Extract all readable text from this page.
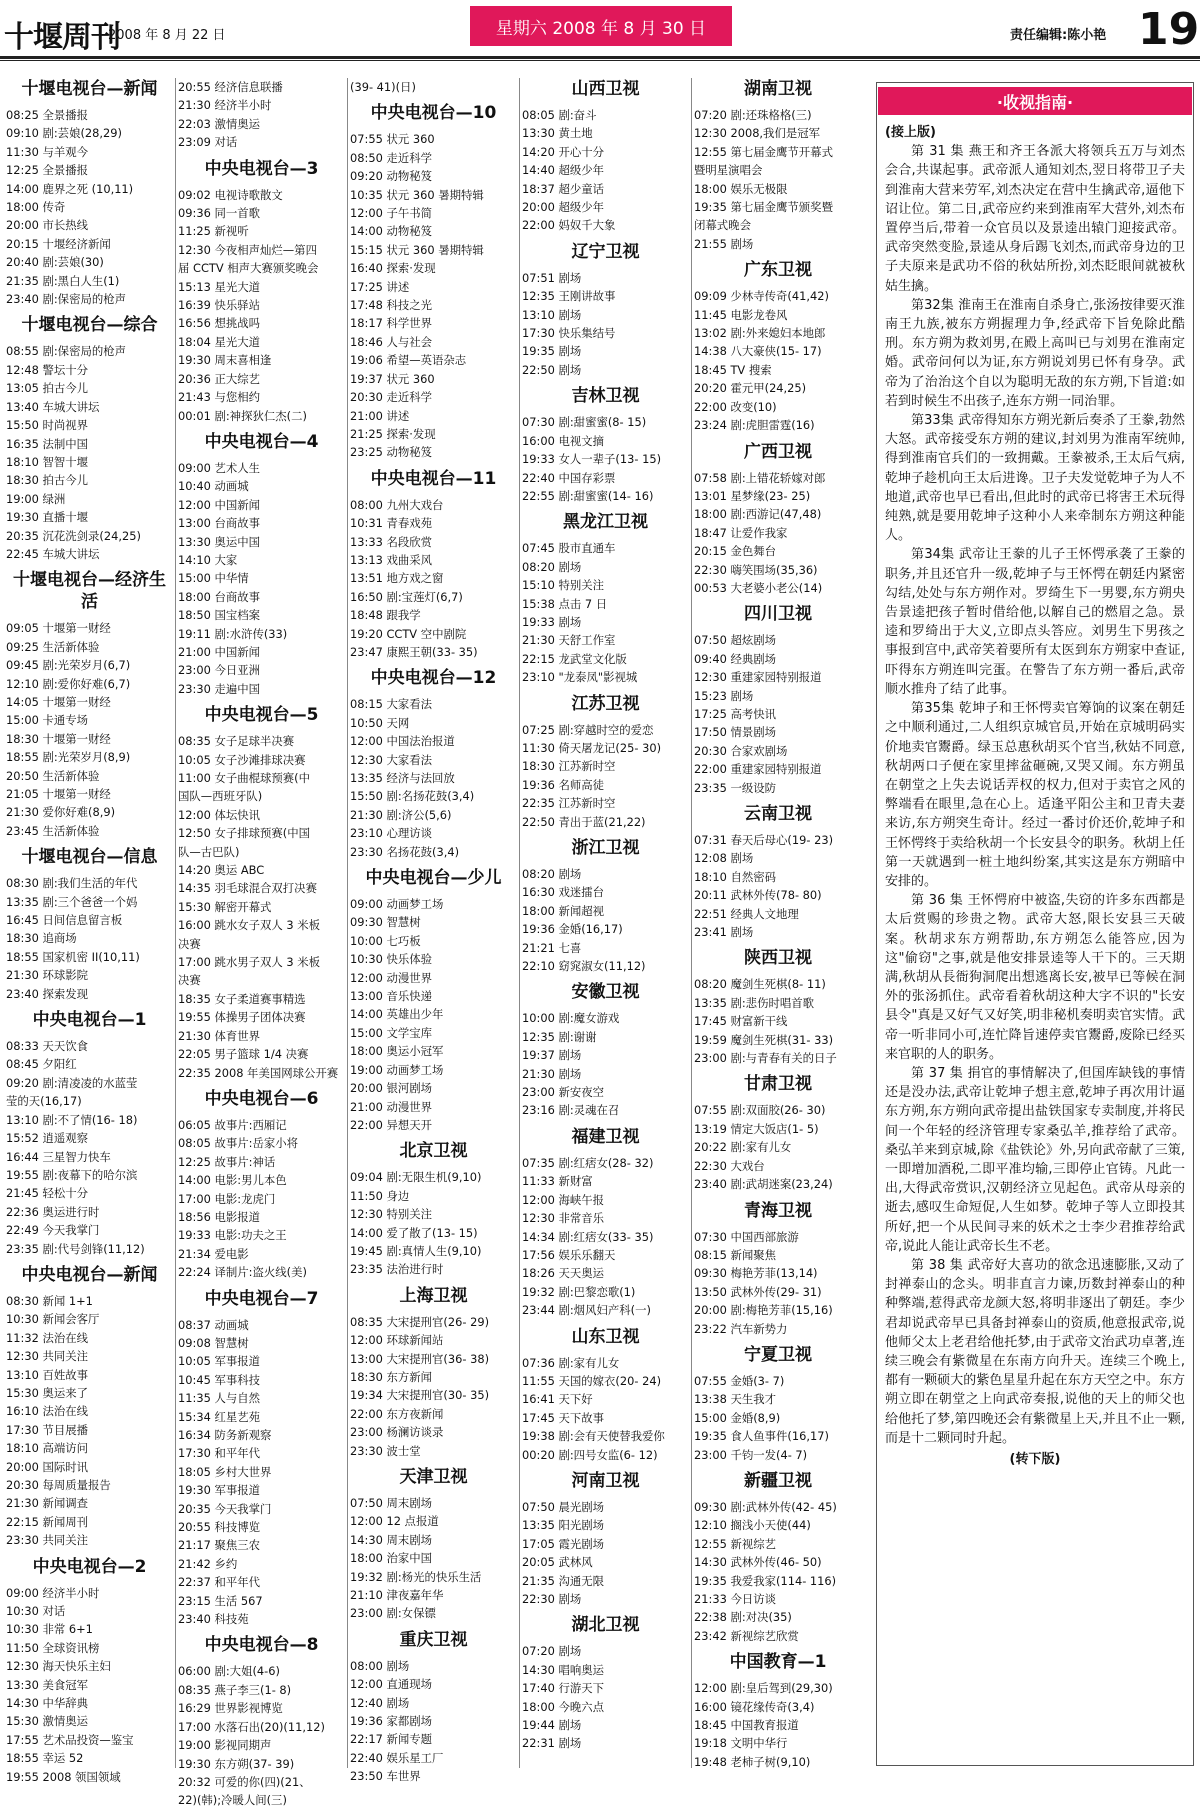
十堰周刊
2008 年 8 月 22 日	星期六 2008 年 8 月 30 日	责任编辑:陈小艳 19
十堰电视台—新闻
08:25 全景播报
09:10 剧:芸娘(28,29)
11:30 与羊观今
12:25 全景播报
14:00 鹿界之死 (10,11)
18:00 传奇
20:00 市长热线
20:15 十堰经济新闻
20:40 剧:芸娘(30)
21:35 剧:黑白人生(1)
23:40 剧:保密局的枪声
十堰电视台—综合
08:55 剧:保密局的枪声
12:48 警坛十分
13:05 拍古今儿
13:40 车城大讲坛
15:50 时尚视界
16:35 法制中国
18:10 智智十堰
18:30 拍古今儿
19:00 绿洲
19:30 直播十堰
20:35 沉花洗剑录(24,25)
22:45 车城大讲坛
十堰电视台—经济生活
09:05 十堰第一财经
09:25 生活新体验
09:45 剧:光荣岁月(6,7)
12:10 剧:爱你好难(6,7)
14:05 十堰第一财经
15:00 卡通专场
18:30 十堰第一财经
18:55 剧:光荣岁月(8,9)
20:50 生活新体验
21:05 十堰第一财经
21:30 爱你好难(8,9)
23:45 生活新体验
十堰电视台—信息
08:30 剧:我们生活的年代
13:35 剧:三个爸爸一个妈
16:45 日间信息留言板
18:30 追商场
18:55 国家机密 II(10,11)
21:30 环球影院
23:40 探索发现
中央电视台—1
08:33 天天饮食
08:45 夕阳红
09:20 剧:清凌凌的水蓝莹
莹的天(16,17)
13:10 剧:不了情(16- 18)
15:52 逍遥观察
16:44 三星智力快车
19:55 剧:夜幕下的哈尔滨
21:45 轻松十分
22:36 奥运进行时
22:49 今天我掌门
23:35 剧:代号剑锋(11,12)
中央电视台—新闻
08:30 新闻 1+1
10:30 新闻会客厅
11:32 法治在线
12:30 共同关注
13:10 百姓故事
15:30 奥运来了
16:10 法治在线
17:30 节目展播
18:10 高端访问
20:00 国际时讯
20:30 每周质量报告
21:30 新闻调查
22:15 新闻周刊
23:30 共同关注
中央电视台—2
09:00 经济半小时
10:30 对话
10:30 非常 6+1
11:50 全球资讯榜
12:30 海天快乐主妇
13:30 美食冠军
14:30 中华辞典
15:30 激情奥运
17:55 艺术品投资—鉴宝
18:55 幸运 52
19:55 2008 领国领域
20:55 经济信息联播
21:30 经济半小时
22:03 激情奥运
23:09 对话
中央电视台—3
09:02 电视诗歌散文
09:36 同一首歌
11:25 新视听
12:30 今夜相声灿烂—第四
届 CCTV 相声大赛颁奖晚会
15:13 星光大道
16:39 快乐驿站
16:56 想挑战吗
18:04 星光大道
19:30 周末喜相逢
20:36 正大综艺
21:43 与您相约
00:01 剧:神探狄仁杰(二)
中央电视台—4
09:00 艺术人生
10:40 动画城
12:00 中国新闻
13:00 台商故事
13:30 奥运中国
14:10 大家
15:00 中华情
18:00 台商故事
18:50 国宝档案
19:11 剧:水浒传(33)
21:00 中国新闻
23:00 今日亚洲
23:30 走遍中国
中央电视台—5
08:35 女子足球半决赛
10:05 女子沙滩排球决赛
11:00 女子曲棍球预赛(中
国队—西班牙队)
12:00 体坛快讯
12:50 女子排球预赛(中国
队—古巴队)
14:20 奥运 ABC
14:35 羽毛球混合双打决赛
15:30 解密开幕式
16:00 跳水女子双人 3 米板
决赛
17:00 跳水男子双人 3 米板
决赛
18:35 女子柔道赛事精选
19:55 体操男子团体决赛
21:30 体育世界
22:05 男子篮球 1/4 决赛
22:35 2008 年美国网球公开赛
中央电视台—6
06:05 故事片:西厢记
08:05 故事片:岳家小将
12:25 故事片:神话
14:00 电影:男儿本色
17:00 电影:龙虎门
18:56 电影报道
19:33 电影:功夫之王
21:34 爱电影
22:24 译制片:盗火线(美)
中央电视台—7
08:37 动画城
09:08 智慧树
10:05 军事报道
10:45 军事科技
11:35 人与自然
15:34 红星艺苑
16:34 防务新观察
17:30 和平年代
18:05 乡村大世界
19:30 军事报道
20:35 今天我掌门
20:55 科技博览
21:17 聚焦三农
21:42 乡约
22:37 和平年代
23:15 生活 567
23:40 科技苑
中央电视台—8
06:00 剧:大姐(4-6)
08:35 燕子李三(1- 8)
16:29 世界影视博览
17:00 水落石出(20)(11,12)
19:00 影视同期声
19:30 东方朔(37- 39)
20:32 可爱的你(四)(21、
22)(韩);冷暖人间(三)
(39- 41)(日)
中央电视台—10
07:55 状元 360
08:50 走近科学
09:20 动物秘笈
10:35 状元 360 暑期特辑
12:00 子午书简
14:00 动物秘笈
15:15 状元 360 暑期特辑
16:40 探索·发现
17:25 讲述
17:48 科技之光
18:17 科学世界
18:46 人与社会
19:06 希望—英语杂志
19:37 状元 360
20:30 走近科学
21:00 讲述
21:25 探索·发现
23:25 动物秘笈
中央电视台—11
08:00 九州大戏台
10:31 青春戏苑
13:33 名段欣赏
13:13 戏曲采风
13:51 地方戏之窗
16:50 剧:宝莲灯(6,7)
18:48 跟我学
19:20 CCTV 空中剧院
23:47 康熙王朝(33- 35)
中央电视台—12
08:15 大家看法
10:50 天网
12:00 中国法治报道
12:30 大家看法
13:35 经济与法回放
15:50 剧:名扬花鼓(3,4)
21:30 剧:济公(5,6)
23:10 心理访谈
23:30 名扬花鼓(3,4)
中央电视台—少儿
09:00 动画梦工场
09:30 智慧树
10:00 七巧板
10:30 快乐体验
12:00 动漫世界
13:00 音乐快递
14:00 英雄出少年
15:00 文学宝库
18:00 奥运小冠军
19:00 动画梦工场
20:00 银河剧场
21:00 动漫世界
22:00 异想天开
北京卫视
09:04 剧:无限生机(9,10)
11:50 身边
12:30 特别关注
14:00 爱了散了(13- 15)
19:45 剧:真情人生(9,10)
23:35 法治进行时
上海卫视
08:35 大宋提刑官(26- 29)
12:00 环球新闻站
13:00 大宋提刑官(36- 38)
18:30 东方新闻
19:34 大宋提刑官(30- 35)
22:00 东方夜新闻
23:00 杨澜访谈录
23:30 波士堂
天津卫视
07:50 周末剧场
12:00 12 点报道
14:30 周末剧场
18:00 治家中国
19:32 剧:杨光的快乐生活
21:10 津夜嘉年华
23:00 剧:女保镖
重庆卫视
08:00 剧场
12:00 直通现场
12:40 剧场
19:36 家都剧场
22:17 新闻专题
22:40 娱乐星工厂
23:50 车世界
山西卫视
08:05 剧:奋斗
13:30 黄土地
14:20 开心十分
14:40 超级少年
18:37 超少童话
20:00 超级少年
22:00 妈奴千大象
辽宁卫视
07:51 剧场
12:35 王刚讲故事
13:10 剧场
17:30 快乐集结号
19:35 剧场
22:50 剧场
吉林卫视
07:30 剧:甜蜜蜜(8- 15)
16:00 电视文摘
19:33 女人一辈子(13- 15)
22:40 中国存彩票
22:55 剧:甜蜜蜜(14- 16)
黑龙江卫视
07:45 股市直通车
08:20 剧场
15:10 特别关注
15:38 点击 7 日
19:33 剧场
21:30 天舒工作室
22:15 龙武堂文化版
23:10 "龙泰凤"影视城
江苏卫视
07:25 剧:穿越时空的爱恋
11:30 倚天屠龙记(25- 30)
18:30 江苏新时空
19:36 名师高徒
22:35 江苏新时空
22:50 青出于蓝(21,22)
浙江卫视
08:20 剧场
16:30 戏迷擂台
18:00 新闻超视
19:36 金婚(16,17)
21:21 七喜
22:10 窈窕淑女(11,12)
安徽卫视
10:00 剧:魔女游戏
12:35 剧:谢谢
19:37 剧场
21:30 剧场
23:00 新安夜空
23:16 剧:灵魂在召
福建卫视
07:35 剧:红痞女(28- 32)
11:33 新财富
12:00 海峡午报
12:30 非常音乐
14:34 剧:红痞女(33- 35)
17:56 娱乐乐翻天
18:26 天天奥运
19:32 剧:巴黎恋歌(1)
23:44 剧:烟风妇产科(一)
山东卫视
07:36 剧:家有儿女
11:55 天国的嫁衣(20- 24)
16:41 天下好
17:45 天下故事
19:38 剧:会有天使替我爱你
00:20 剧:四号女监(6- 12)
河南卫视
07:50 晨光剧场
13:35 阳光剧场
17:05 霞光剧场
20:05 武林风
21:35 沟通无限
22:30 剧场
湖北卫视
07:20 剧场
14:30 唱响奥运
17:40 行游天下
18:00 今晚六点
19:44 剧场
22:31 剧场
湖南卫视
07:20 剧:还珠格格(三)
12:30 2008,我们是冠军
12:55 第七届金鹰节开幕式
暨明星演唱会
18:00 娱乐无极限
19:35 第七届金鹰节颁奖暨
闭幕式晚会
21:55 剧场
广东卫视
09:09 少林寺传奇(41,42)
11:45 电影龙卷风
13:02 剧:外来媳妇本地郎
14:38 八大豪侠(15- 17)
18:45 TV 搜索
20:20 霍元甲(24,25)
22:00 改变(10)
23:24 剧:虎胆雷霆(16)
广西卫视
07:58 剧:上错花轿嫁对郎
13:01 星梦缘(23- 25)
18:00 剧:西游记(47,48)
18:47 让爱作我家
20:15 金色舞台
22:30 嗨笑围场(35,36)
00:53 大老婆小老公(14)
四川卫视
07:50 超炫剧场
09:40 经典剧场
12:30 重建家园特别报道
15:23 剧场
17:25 高考快讯
17:50 情景剧场
20:30 合家欢剧场
22:00 重建家园特别报道
23:35 一级设防
云南卫视
07:31 春天后母心(19- 23)
12:08 剧场
18:10 自然密码
20:11 武林外传(78- 80)
22:51 经典人文地理
23:41 剧场
陕西卫视
08:20 魔剑生死棋(8- 11)
13:35 剧:悲伤时唱首歌
17:45 财富新干线
19:59 魔剑生死棋(31- 33)
23:00 剧:与青春有关的日子
甘肃卫视
07:55 剧:双面胶(26- 30)
13:19 情定大饭店(1- 5)
20:22 剧:家有儿女
22:30 大戏台
23:40 剧:武胡迷案(23,24)
青海卫视
07:30 中国西部旅游
08:15 新闻聚焦
09:30 梅艳芳菲(13,14)
13:50 武林外传(29- 31)
20:00 剧:梅艳芳菲(15,16)
23:22 汽车新势力
宁夏卫视
07:55 金婚(3- 7)
13:38 天生我才
15:00 金婚(8,9)
19:35 食人鱼事件(16,17)
23:00 千钧一发(4- 7)
新疆卫视
09:30 剧:武林外传(42- 45)
12:10 搁浅小天使(44)
12:55 新视综艺
14:30 武林外传(46- 50)
19:35 我爱我家(114- 116)
21:33 今日访谈
22:38 剧:对决(35)
23:42 新视综艺欣赏
中国教育—1
12:00 剧:皇后驾到(29,30)
16:00 镜花缘传奇(3,4)
18:45 中国教育报道
19:18 文明中华行
19:48 老柿子树(9,10)
·收视指南·

(接上版)

第 31 集 燕王和齐王各派大将领兵五万与刘杰会合,共谋起事。武帝派人通知刘杰,翌日将带卫子夫到淮南大营来劳军,刘杰决定在营中生擒武帝,逼他下诏让位。第二日,武帝应约来到淮南军大营外,刘杰布置停当后,带着一众官员以及景逵出辕门迎接武帝。武帝突然变脸,景逵从身后踢飞刘杰,而武帝身边的卫子夫原来是武功不俗的秋姑所扮,刘杰眨眼间就被秋姑生擒。

第32集 淮南王在淮南自杀身亡,张汤按律要灭淮南王九族,被东方朔握理力争,经武帝下旨免除此酷刑。东方朔为救刘男,在殿上高叫已与刘男在淮南定婚。武帝问何以为证,东方朔说刘男已怀有身孕。武帝为了治治这个自以为聪明无敌的东方朔,下旨道:如若到时候生不出孩子,连东方朔一同治罪。

第33集 武帝得知东方朔光新后奏杀了王豢,勃然大怒。武帝接受东方朔的建议,封刘男为淮南军统帅,得到淮南官兵们的一致拥戴。王豢被杀,王太后气病,乾坤子趁机向王太后进谗。卫子夫发觉乾坤子为人不地道,武帝也早已看出,但此时的武帝已将害王术玩得纯熟,就是要用乾坤子这种小人来牵制东方朔这种能人。

第34集 武帝让王豢的儿子王怀愕承袭了王豢的职务,并且还官升一级,乾坤子与王怀愕在朝廷内紧密勾结,处处与东方朔作对。罗绮生下一男婴,东方朔央告景逵把孩子暂时借给他,以解自己的燃眉之急。景逵和罗绮出于大义,立即点头答应。刘男生下男孩之事报到宫中,武帝笑着要所有太医到东方朔家中查证,吓得东方朔连叫完蛋。在警告了东方朔一番后,武帝顺水推舟了结了此事。

第35集 乾坤子和王怀愕卖官筹饷的议案在朝廷之中顺利通过,二人组织京城官员,开始在京城明码实价地卖官鬻爵。绿玉总惠秋胡买个官当,秋姑不同意,秋胡两口子便在家里摔盆砸碗,又哭又闹。东方朔虽在朝堂之上失去说话弄权的权力,但对于卖官之风的弊端看在眼里,急在心上。适逢平阳公主和卫青夫妻来访,东方朔突生奇计。经过一番讨价还价,乾坤子和王怀愕终于卖给秋胡一个长安县令的职务。秋胡上任第一天就遇到一桩土地纠纷案,其实这是东方朔暗中安排的。

第 36 集 王怀愕府中被盗,失窃的许多东西都是太后赏赐的珍贵之物。武帝大怒,限长安县三天破案。秋胡求东方朔帮助,东方朔怎么能答应,因为这"偷窃"之事,就是他安排景逵等人干下的。三天期满,秋胡从長衙狗洞爬出想逃离长安,被早已等候在洞外的张汤抓住。武帝看着秋胡这种大字不识的"长安县令"真是又好气又好笑,明非秘机奏明卖官实情。武帝一听非同小可,连忙降旨速停卖官鬻爵,废除已经买来官职的人的职务。

第 37 集 捐官的事情解决了,但国库缺钱的事情还是没办法,武帝让乾坤子想主意,乾坤子再次用计逼东方朔,东方朔向武帝提出盐铁国家专卖制度,并将民间一个年轻的经济管理专家桑弘羊,推荐给了武帝。桑弘羊来到京城,除《盐铁论》外,另向武帝献了三策,一即增加酒税,二即平准均输,三即停止官铸。凡此一出,大得武帝赏识,汉朝经济立见起色。武帝从母亲的逝去,感叹生命短促,人生如梦。乾坤子等人立即投其所好,把一个从民间寻来的妖术之士李少君推荐给武帝,说此人能让武帝长生不老。

第 38 集 武帝好大喜功的欲念迅速膨胀,又动了封禅泰山的念头。明非直言力谏,历数封禅泰山的种种弊端,惹得武帝龙颜大怒,将明非逐出了朝廷。李少君却说武帝早已具备封禅泰山的资质,他意报武帝,说他师父太上老君给他托梦,由于武帝文治武功卓著,连续三晚会有紫微星在东南方向升天。连续三个晚上,都有一颗硕大的紫色星星升起在东方天空之中。东方朔立即在朝堂之上向武帝奏报,说他的天上的师父也给他托了梦,第四晚还会有紫微星上天,并且不止一颗,而是十二颗同时升起。

(转下版)
